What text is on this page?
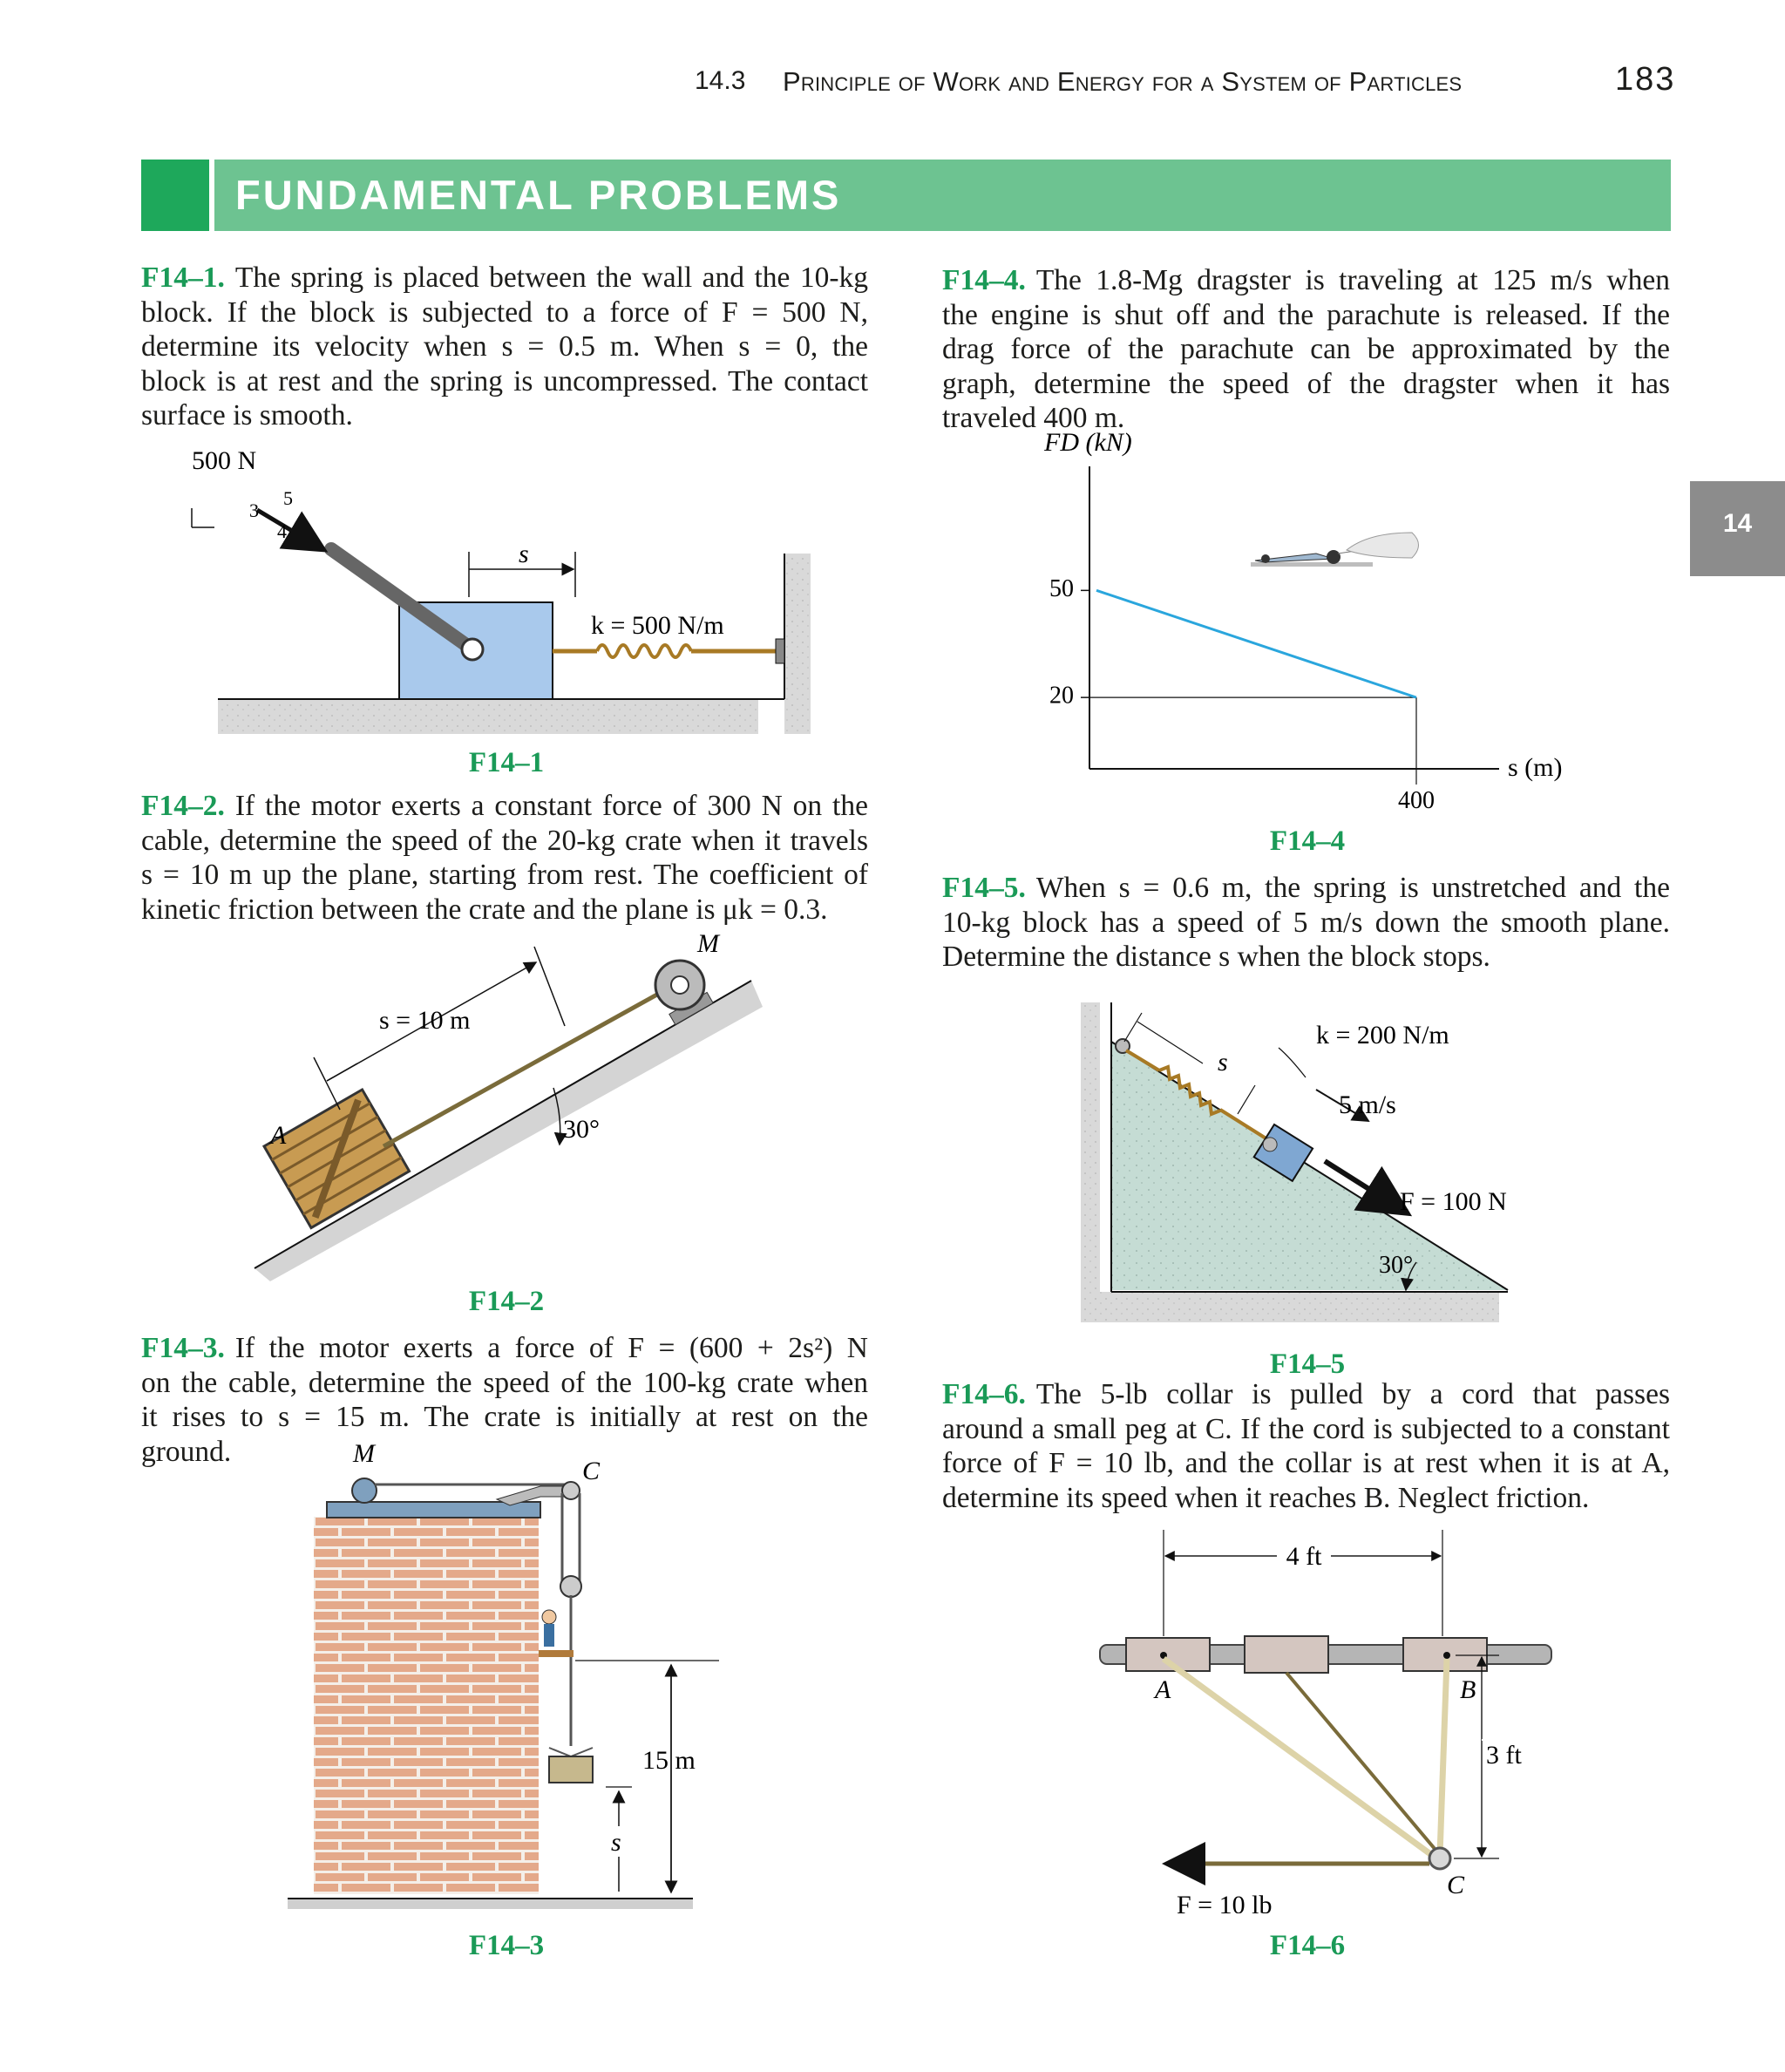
14.3 Principle of Work and Energy for a System of Particles	183
FUNDAMENTAL PROBLEMS
14
F14–1. The spring is placed between the wall and the 10-kg
block. If the block is subjected to a force of F = 500 N,
determine its velocity when s = 0.5 m. When s = 0, the
block is at rest and the spring is uncompressed. The contact
surface is smooth.
500 N
3
4
5
s
k = 500 N/m
F14–1
F14–2. If the motor exerts a constant force of 300 N on the
cable, determine the speed of the 20-kg crate when it travels
s = 10 m up the plane, starting from rest. The coefficient of
kinetic friction between the crate and the plane is μk = 0.3.
s = 10 m
30°
A
M
F14–2
F14–3. If the motor exerts a force of F = (600 + 2s²) N
on the cable, determine the speed of the 100-kg crate when
it rises to s = 15 m. The crate is initially at rest on the
ground.	M
C
15 m
s
F14–3
F14–4. The 1.8-Mg dragster is traveling at 125 m/s when
the engine is shut off and the parachute is released. If the
drag force of the parachute can be approximated by the
graph, determine the speed of the dragster when it has
traveled 400 m.
50
20
400
FD (kN)
s (m)
F14–4
F14–5. When s = 0.6 m, the spring is unstretched and the
10-kg block has a speed of 5 m/s down the smooth plane.
Determine the distance s when the block stops.
s
k = 200 N/m
5 m/s
F = 100 N
30°
F14–5
F14–6. The 5-lb collar is pulled by a cord that passes
around a small peg at C. If the cord is subjected to a constant
force of F = 10 lb, and the collar is at rest when it is at A,
determine its speed when it reaches B. Neglect friction.
4 ft
3 ft
A	B
C
F = 10 lb
F14–6
